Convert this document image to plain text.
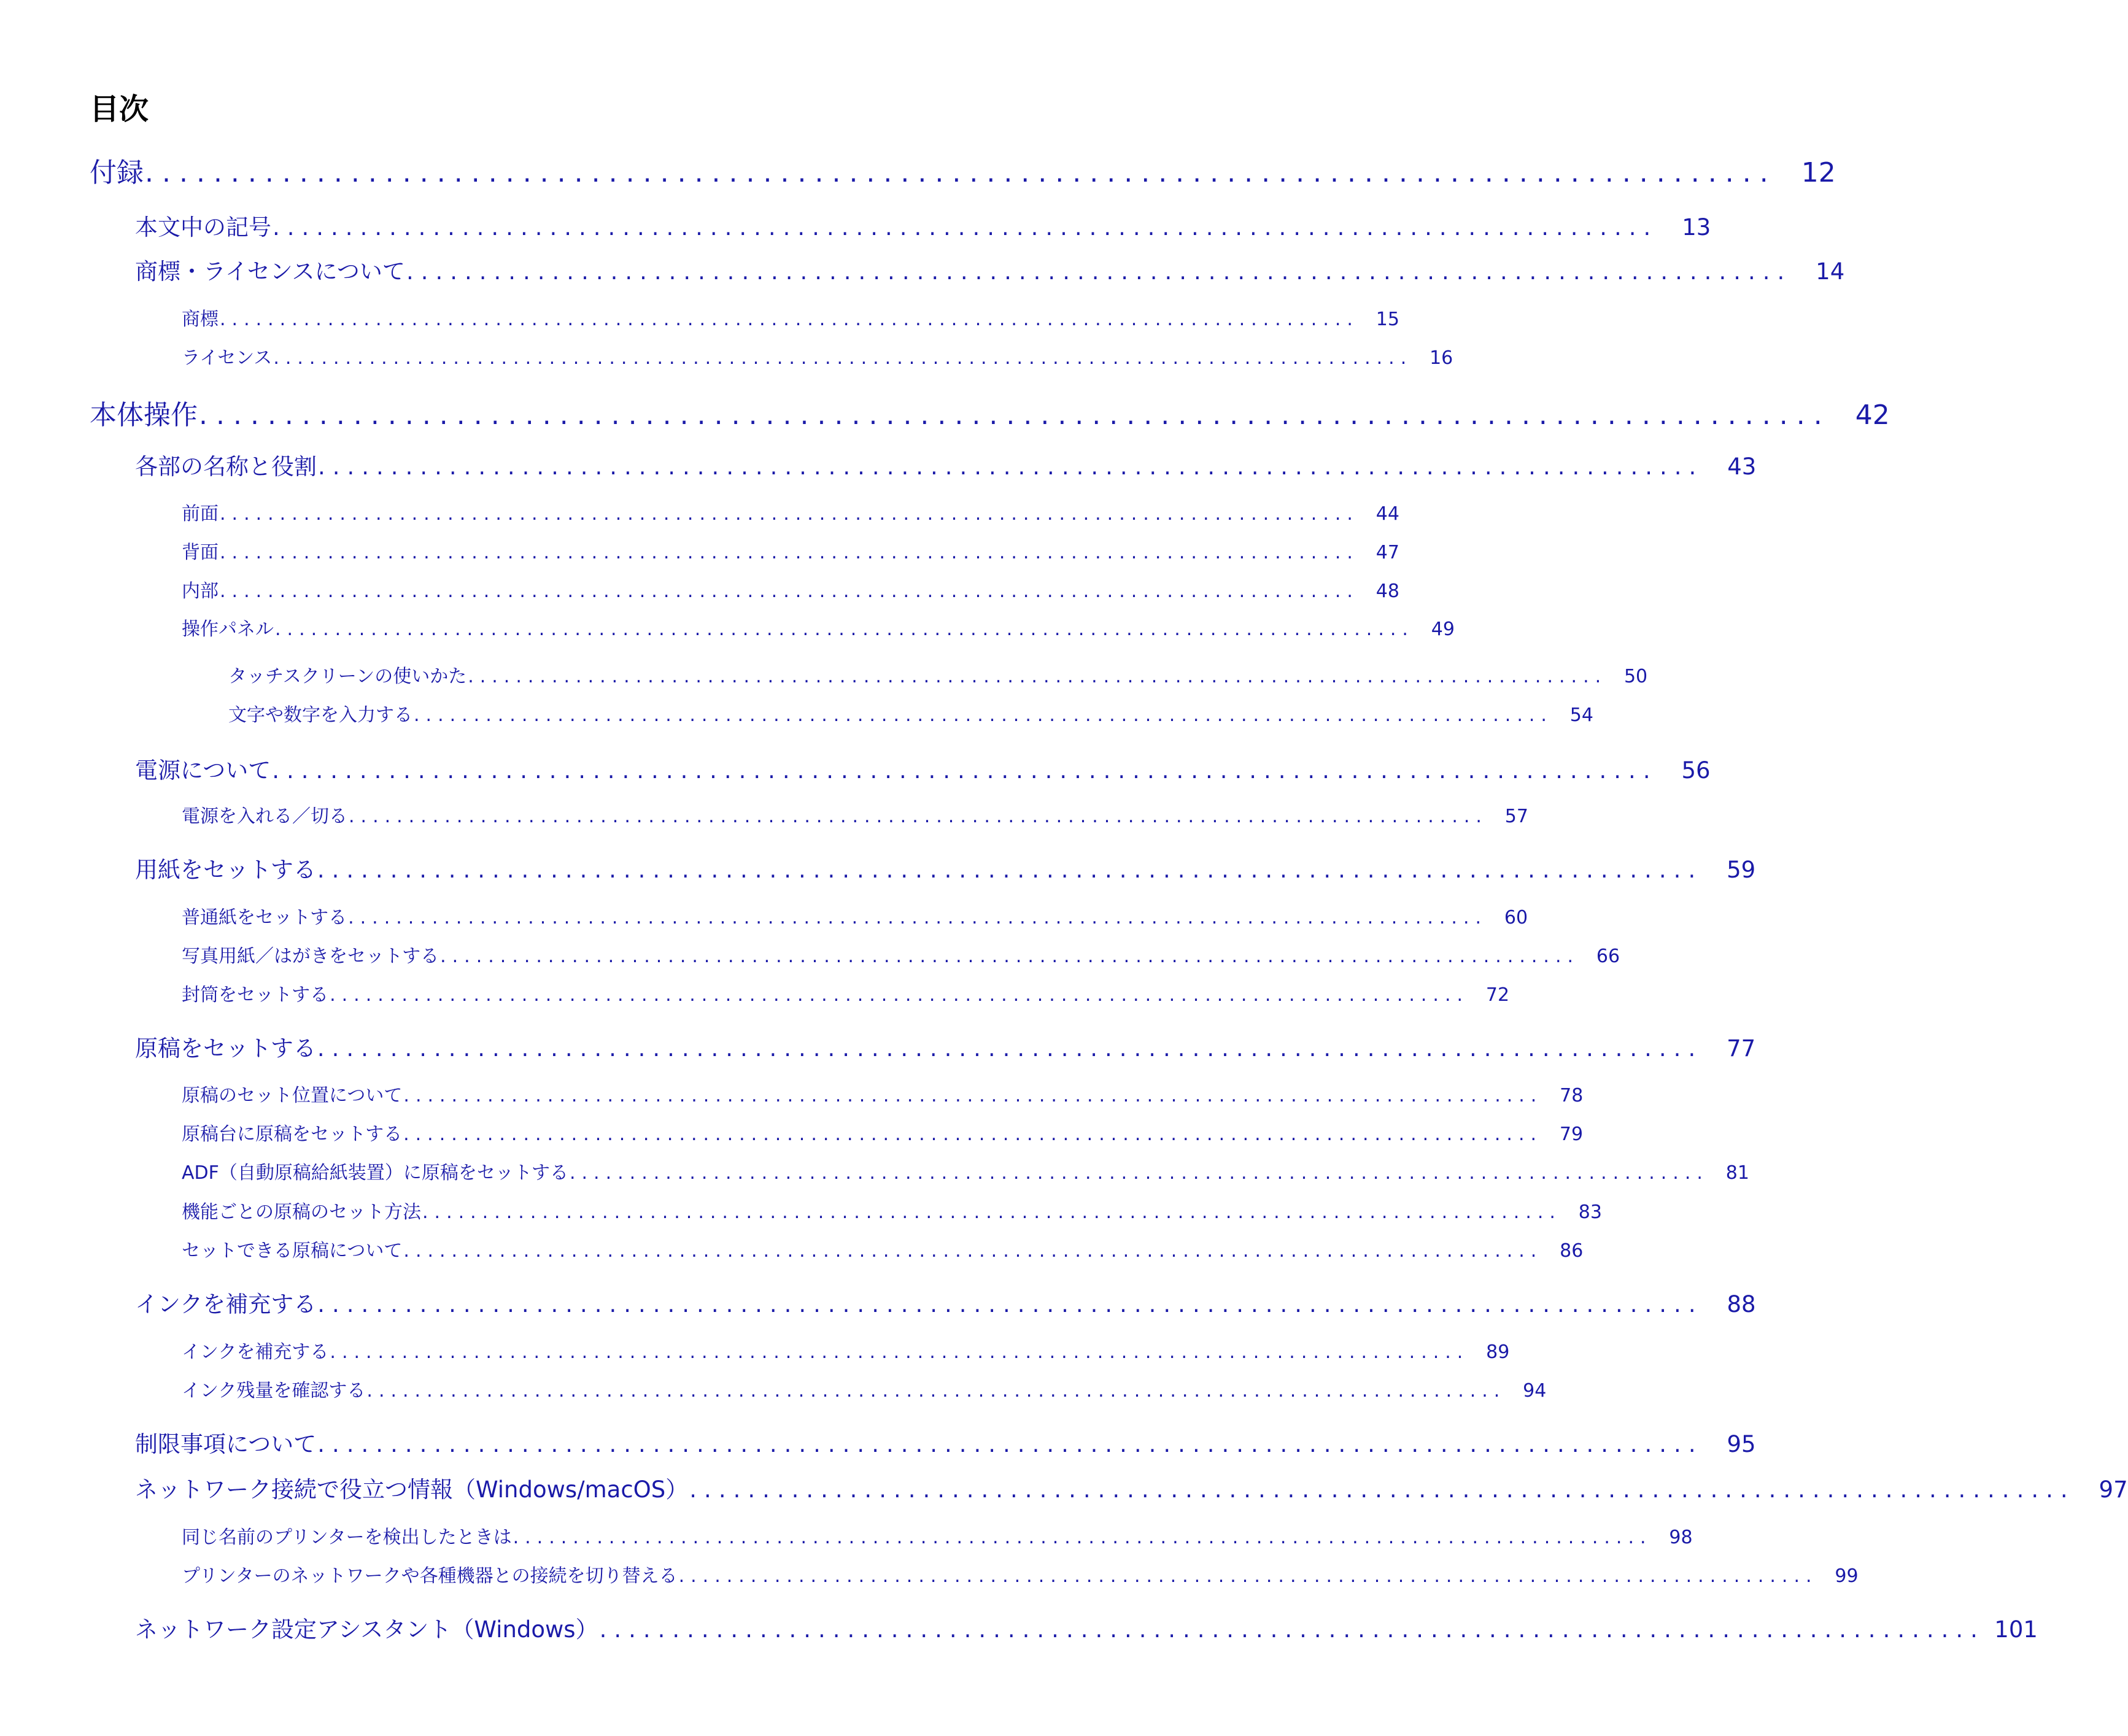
目次
付録 ............................................................................................... 12
本文中の記号 ...............................................................................................	13
商標・ライセンスについて ...............................................................................................	14
商標 ............................................................................................... 15
ライセンス ............................................................................................... 16
本体操作 ............................................................................................... 42
各部の名称と役割 ...............................................................................................	43
前面 ............................................................................................... 44
背面 ............................................................................................... 47
内部 ............................................................................................... 48
操作パネル ............................................................................................... 49
タッチスクリーンの使いかた ............................................................................................... 50
文字や数字を入力する ............................................................................................... 54
電源について ...............................................................................................	56
電源を入れる／切る ............................................................................................... 57
用紙をセットする ...............................................................................................	59
普通紙をセットする ............................................................................................... 60
写真用紙／はがきをセットする ............................................................................................... 66
封筒をセットする ............................................................................................... 72
原稿をセットする ...............................................................................................	77
原稿のセット位置について ............................................................................................... 78
原稿台に原稿をセットする ............................................................................................... 79
ADF（自動原稿給紙装置）に原稿をセットする ............................................................................................... 81
機能ごとの原稿のセット方法 ............................................................................................... 83
セットできる原稿について ............................................................................................... 86
インクを補充する ...............................................................................................	88
インクを補充する ............................................................................................... 89
インク残量を確認する ............................................................................................... 94
制限事項について ...............................................................................................	95
ネットワーク接続で役立つ情報（Windows/macOS） ...............................................................................................	97
同じ名前のプリンターを検出したときは ............................................................................................... 98
プリンターのネットワークや各種機器との接続を切り替える ............................................................................................... 99
ネットワーク設定アシスタント（Windows） ............................................................................................... 101
